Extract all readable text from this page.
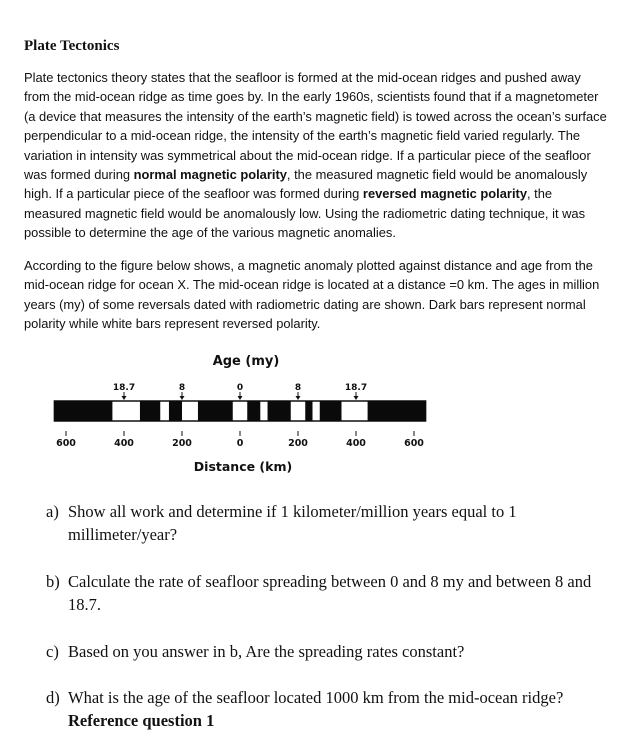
Plate Tectonics

Plate tectonics theory states that the seafloor is formed at the mid-ocean ridges and pushed away from the mid-ocean ridge as time goes by. In the early 1960s, scientists found that if a magnetometer (a device that measures the intensity of the earth’s magnetic field) is towed across the ocean’s surface perpendicular to a mid-ocean ridge, the intensity of the earth’s magnetic field varied regularly. The variation in intensity was symmetrical about the mid-ocean ridge. If a particular piece of the seafloor was formed during normal magnetic polarity, the measured magnetic field would be anomalously high. If a particular piece of the seafloor was formed during reversed magnetic polarity, the measured magnetic field would be anomalously low. Using the radiometric dating technique, it was possible to determine the age of the various magnetic anomalies.

According to the figure below shows, a magnetic anomaly plotted against distance and age from the mid-ocean ridge for ocean X. The mid-ocean ridge is located at a distance =0 km. The ages in million years (my) of some reversals dated with radiometric dating are shown. Dark bars represent normal polarity while white bars represent reversed polarity.

Age (my)
18.7	8	0	8	18.7
600	400	200	0	200	400	600
Distance (km)
a) Show all work and determine if 1 kilometer/million years equal to 1 millimeter/year?
b) Calculate the rate of seafloor spreading between 0 and 8 my and between 8 and 18.7.
c) Based on you answer in b, Are the spreading rates constant?
d) What is the age of the seafloor located 1000 km from the mid-ocean ridge?
Reference question 1
